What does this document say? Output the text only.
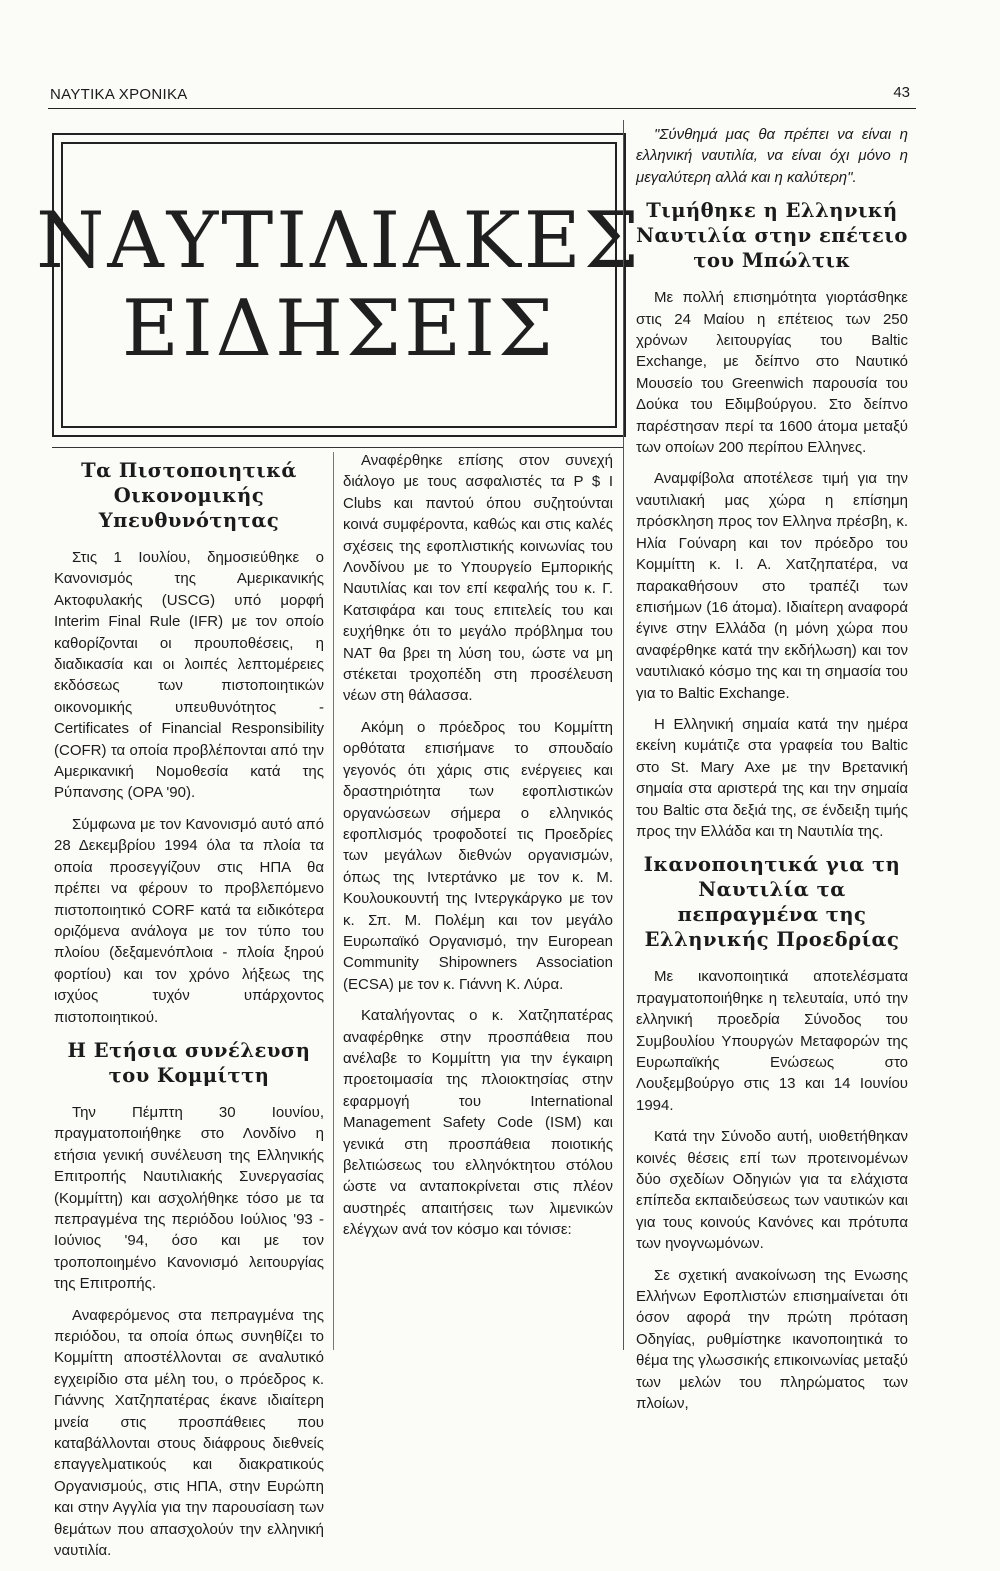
ΝΑΥΤΙΚΑ ΧΡΟΝΙΚΑ	43
ΝΑΥΤΙΛΙΑΚΕΣ
ΕΙΔΗΣΕΙΣ
Τα Πιστοποιητικά Οικονομικής Υπευθυνότητας

Στις 1 Ιουλίου, δημοσιεύθηκε ο Κανονισμός της Αμερικανικής Ακτοφυλακής (USCG) υπό μορφή Interim Final Rule (IFR) με τον οποίο καθορίζονται οι προυποθέσεις, η διαδικασία και οι λοιπές λεπτομέρειες εκδόσεως των πιστοποιητικών οικονομικής υπευθυνότητος - Certificates of Financial Responsibility (COFR) τα οποία προβλέπονται από την Αμερικανική Νομοθεσία κατά της Ρύπανσης (ΟΡΑ '90).

Σύμφωνα με τον Κανονισμό αυτό από 28 Δεκεμβρίου 1994 όλα τα πλοία τα οποία προσεγγίζουν στις ΗΠΑ θα πρέπει να φέρουν το προβλεπόμενο πιστοποιητικό CORF κατά τα ειδικότερα οριζόμενα ανάλογα με τον τύπο του πλοίου (δεξαμενόπλοια - πλοία ξηρού φορτίου) και τον χρόνο λήξεως της ισχύος τυχόν υπάρχοντος πιστοποιητικού.

Η Ετήσια συνέλευση του Κομμίττη

Την Πέμπτη 30 Ιουνίου, πραγματοποιήθηκε στο Λονδίνο η ετήσια γενική συνέλευση της Ελληνικής Επιτροπής Ναυτιλιακής Συνεργασίας (Κομμίττη) και ασχολήθηκε τόσο με τα πεπραγμένα της περιόδου Ιούλιος '93 - Ιούνιος '94, όσο και με τον τροποποιημένο Κανονισμό λειτουργίας της Επιτροπής.

Αναφερόμενος στα πεπραγμένα της περιόδου, τα οποία όπως συνηθίζει το Κομμίττη αποστέλλονται σε αναλυτικό εγχειρίδιο στα μέλη του, ο πρόεδρος κ. Γιάννης Χατζηπατέρας έκανε ιδιαίτερη μνεία στις προσπάθειες που καταβάλλονται στους διάφρους διεθνείς επαγγελματικούς και διακρατικούς Οργανισμούς, στις ΗΠΑ, στην Ευρώπη και στην Αγγλία για την παρουσίαση των θεμάτων που απασχολούν την ελληνική ναυτιλία.

Αναφέρθηκε επίσης στον συνεχή διάλογο με τους ασφαλιστές τα P $ I Clubs και παντού όπου συζητούνται κοινά συμφέροντα, καθώς και στις καλές σχέσεις της εφοπλιστικής κοινωνίας του Λονδίνου με το Υπουργείο Εμπορικής Ναυτιλίας και τον επί κεφαλής του κ. Γ. Κατσιφάρα και τους επιτελείς του και ευχήθηκε ότι το μεγάλο πρόβλημα του ΝΑΤ θα βρει τη λύση του, ώστε να μη στέκεται τροχοπέδη στη προσέλευση νέων στη θάλασσα.

Ακόμη ο πρόεδρος του Κομμίττη ορθότατα επισήμανε το σπουδαίο γεγονός ότι χάρις στις ενέργειες και δραστηριότητα των εφοπλιστικών οργανώσεων σήμερα ο ελληνικός εφοπλισμός τροφοδοτεί τις Προεδρίες των μεγάλων διεθνών οργανισμών, όπως της Ιντερτάνκο με τον κ. Μ. Κουλουκουντή της Ιντεργκάργκο με τον κ. Σπ. Μ. Πολέμη και τον μεγάλο Ευρωπαϊκό Οργανισμό, την European Community Shipowners Association (ECSA) με τον κ. Γιάννη Κ. Λύρα.

Καταλήγοντας ο κ. Χατζηπατέρας αναφέρθηκε στην προσπάθεια που ανέλαβε το Κομμίττη για την έγκαιρη προετοιμασία της πλοιοκτησίας στην εφαρμογή του International Management Safety Code (ISM) και γενικά στη προσπάθεια ποιοτικής βελτιώσεως του ελληνόκτητου στόλου ώστε να ανταποκρίνεται στις πλέον αυστηρές απαιτήσεις των λιμενικών ελέγχων ανά τον κόσμο και τόνισε:

"Σύνθημά μας θα πρέπει να είναι η ελληνική ναυτιλία, να είναι όχι μόνο η μεγαλύτερη αλλά και η καλύτερη".

Τιμήθηκε η Ελληνική Ναυτιλία στην επέτειο του Μπώλτικ

Με πολλή επισημότητα γιορτάσθηκε στις 24 Μαίου η επέτειος των 250 χρόνων λειτουργίας του Baltic Exchange, με δείπνο στο Ναυτικό Μουσείο του Greenwich παρουσία του Δούκα του Εδιμβούργου. Στο δείπνο παρέστησαν περί τα 1600 άτομα μεταξύ των οποίων 200 περίπου Ελληνες.

Αναμφίβολα αποτέλεσε τιμή για την ναυτιλιακή μας χώρα η επίσημη πρόσκληση προς τον Ελληνα πρέσβη, κ. Ηλία Γούναρη και τον πρόεδρο του Κομμίττη κ. Ι. Α. Χατζηπατέρα, να παρακαθήσουν στο τραπέζι των επισήμων (16 άτομα). Ιδιαίτερη αναφορά έγινε στην Ελλάδα (η μόνη χώρα που αναφέρθηκε κατά την εκδήλωση) και τον ναυτιλιακό κόσμο της και τη σημασία του για το Baltic Exchange.

Η Ελληνική σημαία κατά την ημέρα εκείνη κυμάτιζε στα γραφεία του Baltic στο St. Mary Axe με την Βρετανική σημαία στα αριστερά της και την σημαία του Baltic στα δεξιά της, σε ένδειξη τιμής προς την Ελλάδα και τη Ναυτιλία της.

Ικανοποιητικά για τη Ναυτιλία τα πεπραγμένα της Ελληνικής Προεδρίας

Με ικανοποιητικά αποτελέσματα πραγματοποιήθηκε η τελευταία, υπό την ελληνική προεδρία Σύνοδος του Συμβουλίου Υπουργών Μεταφορών της Ευρωπαϊκής Ενώσεως στο Λουξεμβούργο στις 13 και 14 Ιουνίου 1994.

Κατά την Σύνοδο αυτή, υιοθετήθηκαν κοινές θέσεις επί των προτεινομένων δύο σχεδίων Οδηγιών για τα ελάχιστα επίπεδα εκπαιδεύσεως των ναυτικών και για τους κοινούς Κανόνες και πρότυπα των ηνογνωμόνων.

Σε σχετική ανακοίνωση της Ενωσης Ελλήνων Εφοπλιστών επισημαίνεται ότι όσον αφορά την πρώτη πρόταση Οδηγίας, ρυθμίστηκε ικανοποιητικά το θέμα της γλωσσικής επικοινωνίας μεταξύ των μελών του πληρώματος των πλοίων,
